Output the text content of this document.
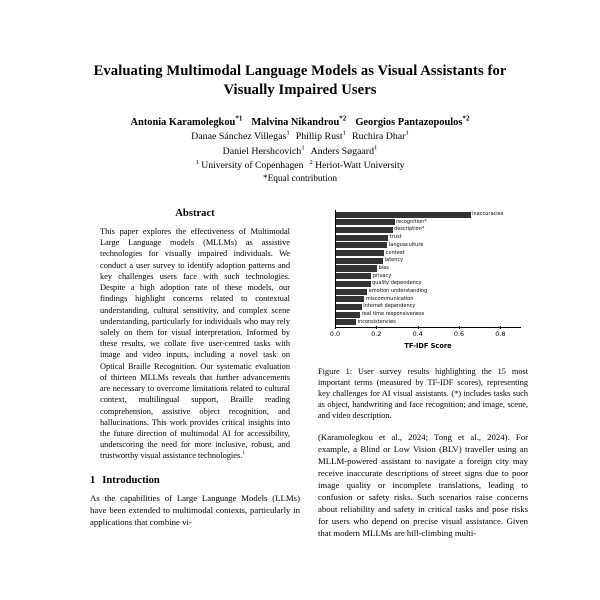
Evaluating Multimodal Language Models as Visual Assistants for Visually Impaired Users
Antonia Karamolegkou$^{*1}$ Malvina Nikandrou$^{*2}$ Georgios Pantazopoulos$^{*2}$
Danae Sánchez Villegas$^1$ Phillip Rust$^1$ Ruchira Dhar$^1$
Daniel Hershcovich$^1$ Anders Søgaard$^1$
$^1$ University of Copenhagen $^2$ Heriot-Watt University
*Equal contribution
Abstract

This paper explores the effectiveness of Multimodal Large Language models (MLLMs) as assistive technologies for visually impaired individuals. We conduct a user survey to identify adoption patterns and key challenges users face with such technologies. Despite a high adoption rate of these models, our findings highlight concerns related to contextual understanding, cultural sensitivity, and complex scene understanding, particularly for individuals who may rely solely on them for visual interpretation. Informed by these results, we collate five user-centred tasks with image and video inputs, including a novel task on Optical Braille Recognition. Our systematic evaluation of thirteen MLLMs reveals that further advancements are necessary to overcome limitations related to cultural context, multilingual support, Braille reading comprehension, assistive object recognition, and hallucinations. This work provides critical insights into the future direction of multimodal AI for accessibility, underscoring the need for more inclusive, robust, and trustworthy visual assistance technologies.$^1$

1 Introduction

As the capabilities of Large Language Models (LLMs) have been extended to multimodal contexts, particularly in applications that combine vi-

inaccuracies
recognition*
description*
trust
languaculture
context
latency
bias
privacy
quality dependency
emotion understanding
miscommunication
internet dependency
real time responsiveness
inconsistencies
0.0	0.2	0.4	0.6	0.8
TF-IDF Score
Figure 1: User survey results highlighting the 15 most important terms (measured by TF-IDF scores), representing key challenges for AI visual assistants. (*) includes tasks such as object, handwriting and face recognition; and image, scene, and video description.

(Karamolegkou et al., 2024; Tong et al., 2024). For example, a Blind or Low Vision (BLV) traveller using an MLLM-powered assistant to navigate a foreign city may receive inaccurate descriptions of street signs due to poor image quality or incomplete translations, leading to confusion or safety risks. Such scenarios raise concerns about reliability and safety in critical tasks and pose risks for users who depend on precise visual assistance. Given that modern MLLMs are hill-climbing multi-
